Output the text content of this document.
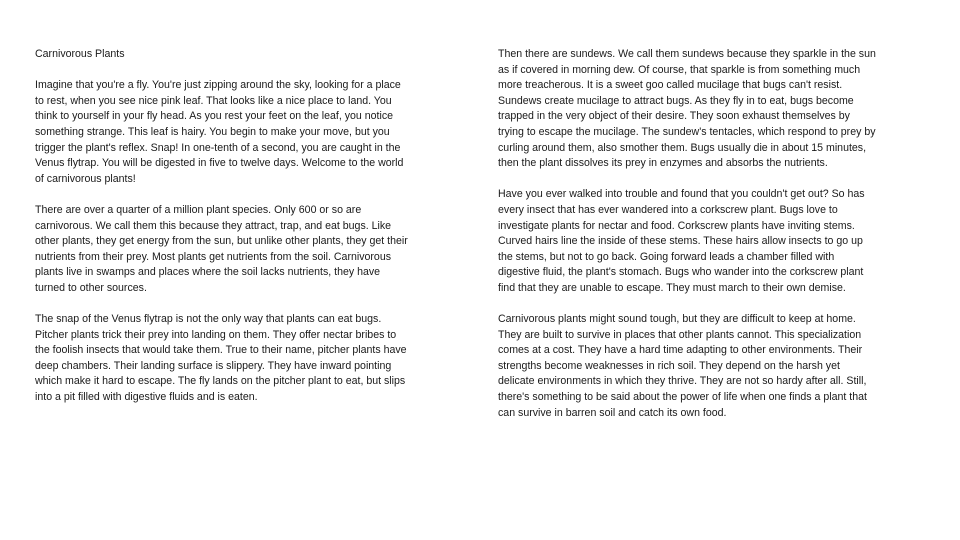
Carnivorous Plants

Imagine that you're a fly. You're just zipping around the sky, looking for a place to rest, when you see nice pink leaf. That looks like a nice place to land. You think to yourself in your fly head. As you rest your feet on the leaf, you notice something strange. This leaf is hairy. You begin to make your move, but you trigger the plant's reflex. Snap! In one-tenth of a second, you are caught in the Venus flytrap. You will be digested in five to twelve days. Welcome to the world of carnivorous plants!

There are over a quarter of a million plant species. Only 600 or so are carnivorous. We call them this because they attract, trap, and eat bugs. Like other plants, they get energy from the sun, but unlike other plants, they get their nutrients from their prey. Most plants get nutrients from the soil. Carnivorous plants live in swamps and places where the soil lacks nutrients, they have turned to other sources.

The snap of the Venus flytrap is not the only way that plants can eat bugs. Pitcher plants trick their prey into landing on them. They offer nectar bribes to the foolish insects that would take them. True to their name, pitcher plants have deep chambers. Their landing surface is slippery. They have inward pointing which make it hard to escape. The fly lands on the pitcher plant to eat, but slips into a pit filled with digestive fluids and is eaten.

Then there are sundews. We call them sundews because they sparkle in the sun as if covered in morning dew. Of course, that sparkle is from something much more treacherous. It is a sweet goo called mucilage that bugs can't resist. Sundews create mucilage to attract bugs. As they fly in to eat, bugs become trapped in the very object of their desire. They soon exhaust themselves by trying to escape the mucilage. The sundew's tentacles, which respond to prey by curling around them, also smother them. Bugs usually die in about 15 minutes, then the plant dissolves its prey in enzymes and absorbs the nutrients.

Have you ever walked into trouble and found that you couldn't get out? So has every insect that has ever wandered into a corkscrew plant. Bugs love to investigate plants for nectar and food. Corkscrew plants have inviting stems. Curved hairs line the inside of these stems. These hairs allow insects to go up the stems, but not to go back. Going forward leads a chamber filled with digestive fluid, the plant's stomach. Bugs who wander into the corkscrew plant find that they are unable to escape. They must march to their own demise.

Carnivorous plants might sound tough, but they are difficult to keep at home. They are built to survive in places that other plants cannot. This specialization comes at a cost. They have a hard time adapting to other environments. Their strengths become weaknesses in rich soil. They depend on the harsh yet delicate environments in which they thrive. They are not so hardy after all. Still, there's something to be said about the power of life when one finds a plant that can survive in barren soil and catch its own food.
